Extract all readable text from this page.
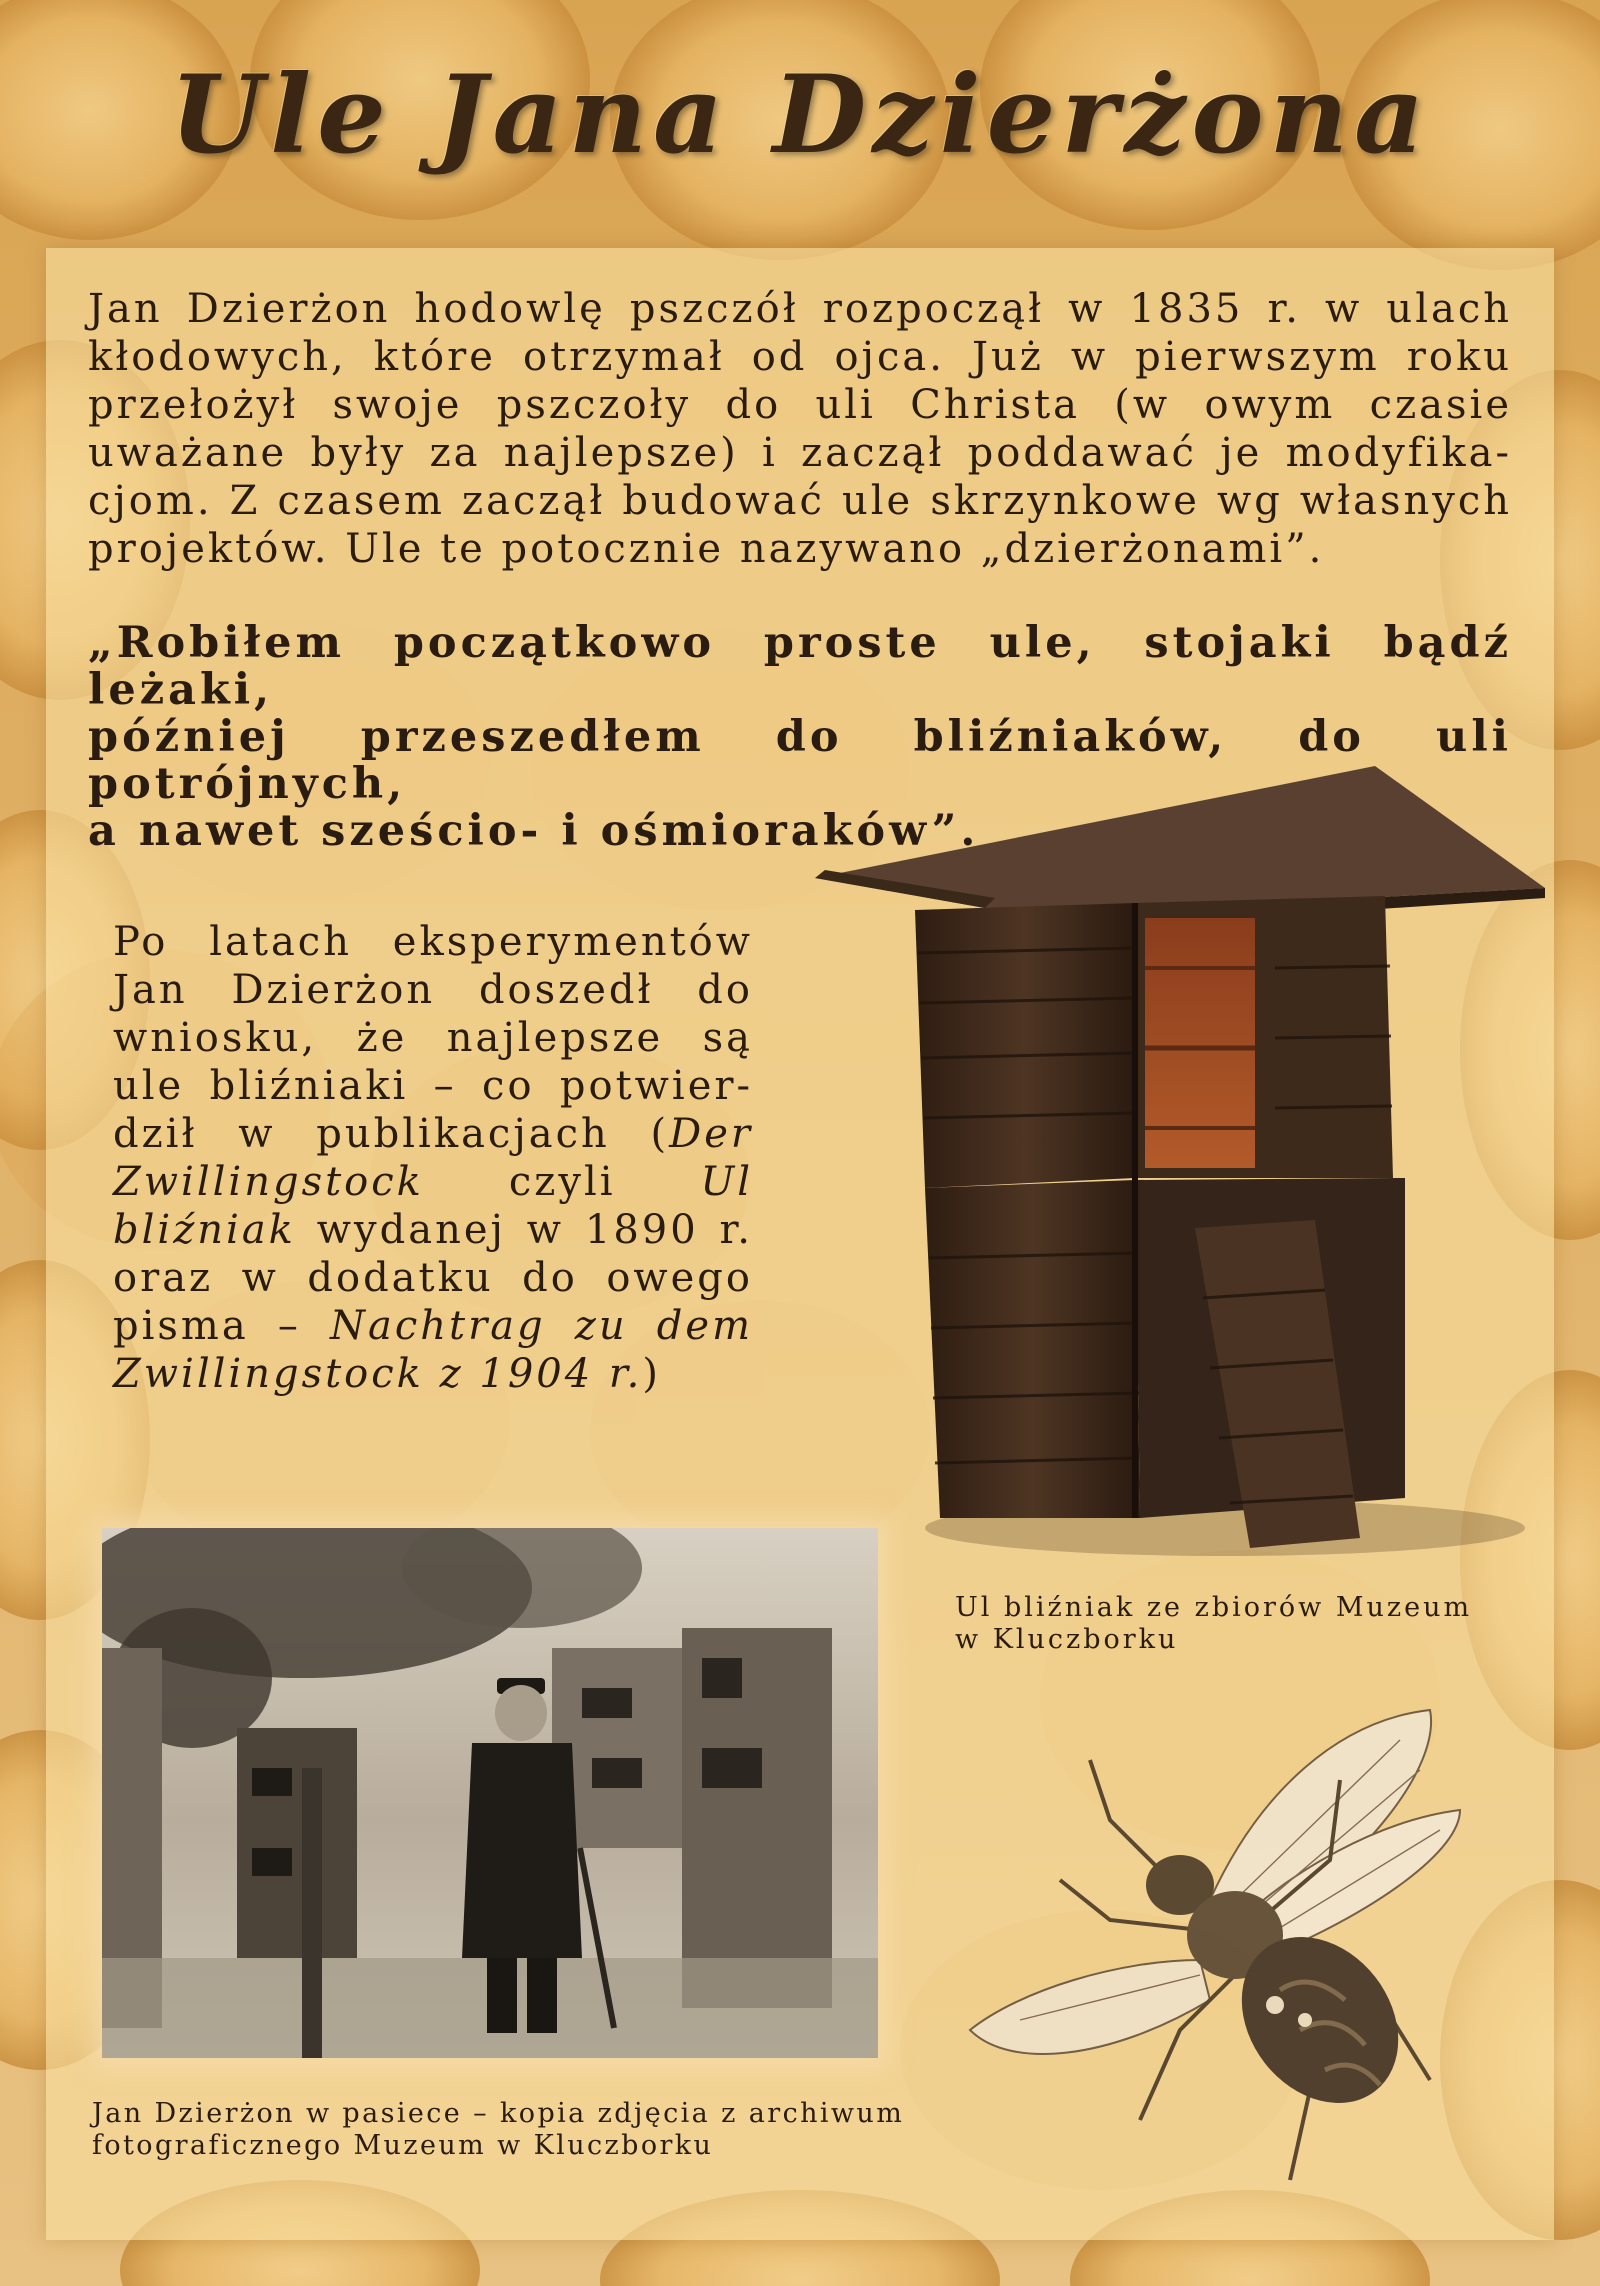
Ule Jana Dzierżona
Jan Dzierżon hodowlę pszczół rozpoczął w 1835 r. w ulach
kłodowych, które otrzymał od ojca. Już w pierwszym roku
przełożył swoje pszczoły do uli Christa (w owym czasie
uważane były za najlepsze) i zaczął poddawać je modyfika-
cjom. Z czasem zaczął budować ule skrzynkowe wg własnych
projektów. Ule te potocznie nazywano „dzierżonami”.
„Robiłem początkowo proste ule, stojaki bądź leżaki,
później przeszedłem do bliźniaków, do uli potrójnych,
a nawet sześcio- i ośmioraków”.
Po latach eksperymentów
Jan Dzierżon doszedł do
wniosku, że najlepsze są
ule bliźniaki – co potwier-
dził w publikacjach (Der
Zwillingstock czyli Ul
bliźniak wydanej w 1890 r.
oraz w dodatku do owego
pisma – Nachtrag zu dem
Zwillingstock z 1904 r.)
Ul bliźniak ze zbiorów Muzeum
w Kluczborku
Jan Dzierżon w pasiece – kopia zdjęcia z archiwum
fotograficznego Muzeum w Kluczborku
